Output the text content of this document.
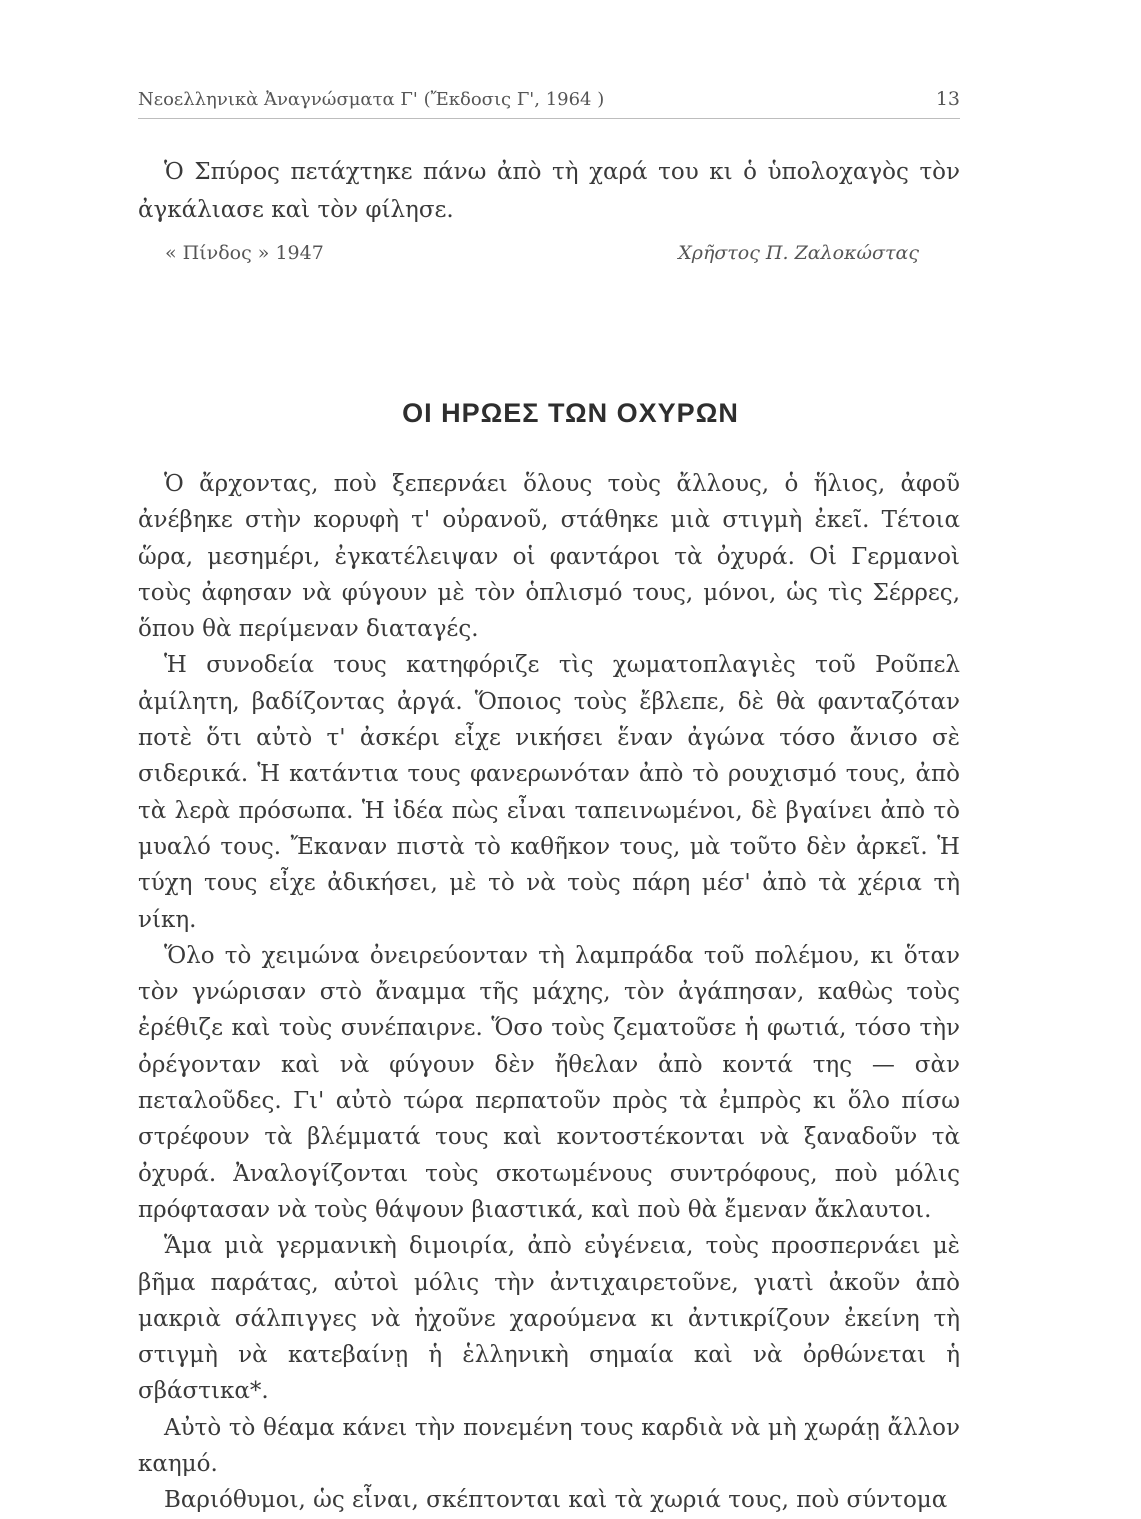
Νεοελληνικὰ Ἀναγνώσματα Γ' (Ἔκδοσις Γ', 1964 )	13

Ὁ Σπύρος πετάχτηκε πάνω ἀπὸ τὴ χαρά του κι ὁ ὑπολοχαγὸς τὸν ἀγκάλιασε καὶ τὸν φίλησε.

« Πίνδος » 1947	Χρῆστος Π. Ζαλοκώστας
ΟΙ ΗΡΩΕΣ ΤΩΝ ΟΧΥΡΩΝ

Ὁ ἄρχοντας, ποὺ ξεπερνάει ὅλους τοὺς ἄλλους, ὁ ἥλιος, ἀφοῦ ἀνέβηκε στὴν κορυφὴ τ' οὐρανοῦ, στάθηκε μιὰ στιγμὴ ἐκεῖ. Τέτοια ὥρα, μεσημέρι, ἐγκατέλειψαν οἱ φαντάροι τὰ ὀχυρά. Οἱ Γερμανοὶ τοὺς ἀφησαν νὰ φύγουν μὲ τὸν ὁπλισμό τους, μόνοι, ὡς τὶς Σέρρες, ὅπου θὰ περίμεναν διαταγές.

Ἡ συνοδεία τους κατηφόριζε τὶς χωματοπλαγιὲς τοῦ Ροῦπελ ἀμίλητη, βαδίζοντας ἀργά. Ὅποιος τοὺς ἔβλεπε, δὲ θὰ φανταζόταν ποτὲ ὅτι αὐτὸ τ' ἀσκέρι εἶχε νικήσει ἕναν ἀγώνα τόσο ἄνισο σὲ σιδερικά. Ἡ κατάντια τους φανερωνόταν ἀπὸ τὸ ρουχισμό τους, ἀπὸ τὰ λερὰ πρόσωπα. Ἡ ἰδέα πὼς εἶναι ταπεινωμένοι, δὲ βγαίνει ἀπὸ τὸ μυαλό τους. Ἔκαναν πιστὰ τὸ καθῆκον τους, μὰ τοῦτο δὲν ἀρκεῖ. Ἡ τύχη τους εἶχε ἀδικήσει, μὲ τὸ νὰ τοὺς πάρη μέσ' ἀπὸ τὰ χέρια τὴ νίκη.

Ὅλο τὸ χειμώνα ὀνειρεύονταν τὴ λαμπράδα τοῦ πολέμου, κι ὅταν τὸν γνώρισαν στὸ ἄναμμα τῆς μάχης, τὸν ἀγάπησαν, καθὼς τοὺς ἐρέθιζε καὶ τοὺς συνέπαιρνε. Ὅσο τοὺς ζεματοῦσε ἡ φωτιά, τόσο τὴν ὀρέγονταν καὶ νὰ φύγουν δὲν ἤθελαν ἀπὸ κοντά της — σὰν πεταλοῦδες. Γι' αὐτὸ τώρα περπατοῦν πρὸς τὰ ἐμπρὸς κι ὅλο πίσω στρέφουν τὰ βλέμματά τους καὶ κοντοστέκονται νὰ ξαναδοῦν τὰ ὀχυρά. Ἀναλογίζονται τοὺς σκοτωμένους συντρόφους, ποὺ μόλις πρόφτασαν νὰ τοὺς θάψουν βιαστικά, καὶ ποὺ θὰ ἔμεναν ἄκλαυτοι.

Ἅμα μιὰ γερμανικὴ διμοιρία, ἀπὸ εὐγένεια, τοὺς προσπερνάει μὲ βῆμα παράτας, αὐτοὶ μόλις τὴν ἀντιχαιρετοῦνε, γιατὶ ἀκοῦν ἀπὸ μακριὰ σάλπιγγες νὰ ἠχοῦνε χαρούμενα κι ἀντικρίζουν ἐκείνη τὴ στιγμὴ νὰ κατεβαίνῃ ἡ ἑλληνικὴ σημαία καὶ νὰ ὀρθώνεται ἡ σβάστικα*.

Αὐτὸ τὸ θέαμα κάνει τὴν πονεμένη τους καρδιὰ νὰ μὴ χωράῃ ἄλλον καημό.

Βαριόθυμοι, ὡς εἶναι, σκέπτονται καὶ τὰ χωριά τους, ποὺ σύντομα
